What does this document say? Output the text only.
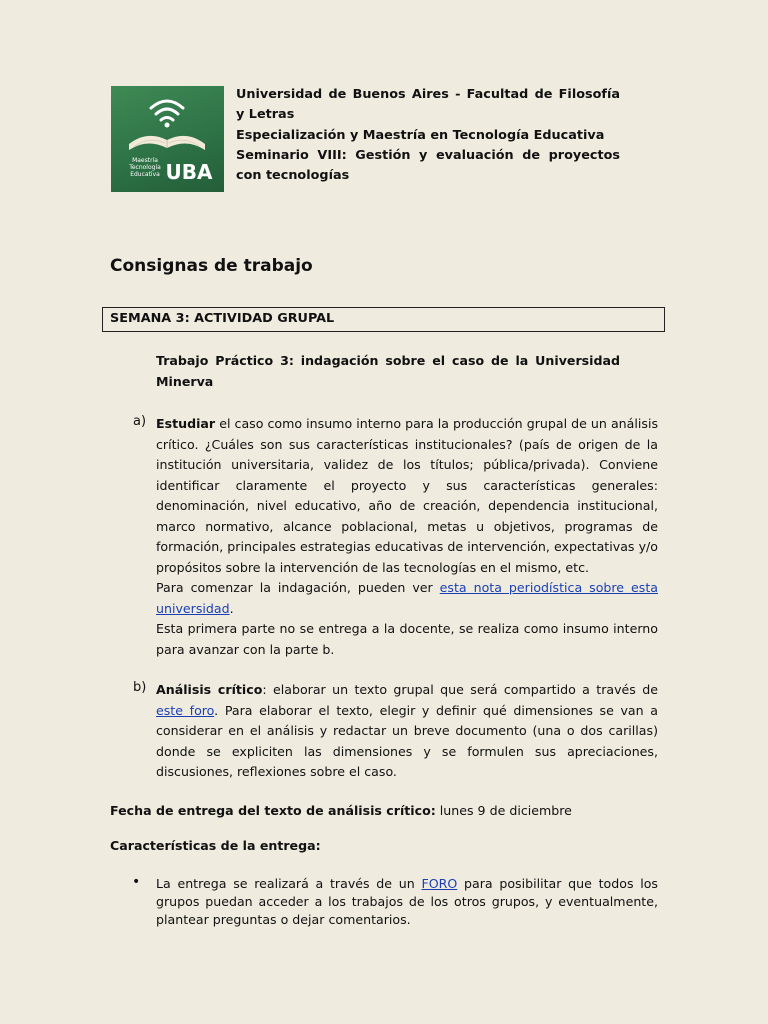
Maestría
Tecnología
Educativa UBA

Universidad de Buenos Aires - Facultad de Filosofía y Letras

Especialización y Maestría en Tecnología Educativa

Seminario VIII: Gestión y evaluación de proyectos con tecnologías

Consignas de trabajo
SEMANA 3: ACTIVIDAD GRUPAL
Trabajo Práctico 3: indagación sobre el caso de la Universidad Minerva
a) Estudiar el caso como insumo interno para la producción grupal de un análisis crítico. ¿Cuáles son sus características institucionales? (país de origen de la institución universitaria, validez de los títulos; pública/privada). Conviene identificar claramente el proyecto y sus características generales: denominación, nivel educativo, año de creación, dependencia institucional, marco normativo, alcance poblacional, metas u objetivos, programas de formación, principales estrategias educativas de intervención, expectativas y/o propósitos sobre la intervención de las tecnologías en el mismo, etc.

Para comenzar la indagación, pueden ver esta nota periodística sobre esta universidad.

Esta primera parte no se entrega a la docente, se realiza como insumo interno para avanzar con la parte b.

b) Análisis crítico: elaborar un texto grupal que será compartido a través de este foro. Para elaborar el texto, elegir y definir qué dimensiones se van a considerar en el análisis y redactar un breve documento (una o dos carillas) donde se expliciten las dimensiones y se formulen sus apreciaciones, discusiones, reflexiones sobre el caso.

Fecha de entrega del texto de análisis crítico: lunes 9 de diciembre
Características de la entrega:
• La entrega se realizará a través de un FORO para posibilitar que todos los grupos puedan acceder a los trabajos de los otros grupos, y eventualmente, plantear preguntas o dejar comentarios.
